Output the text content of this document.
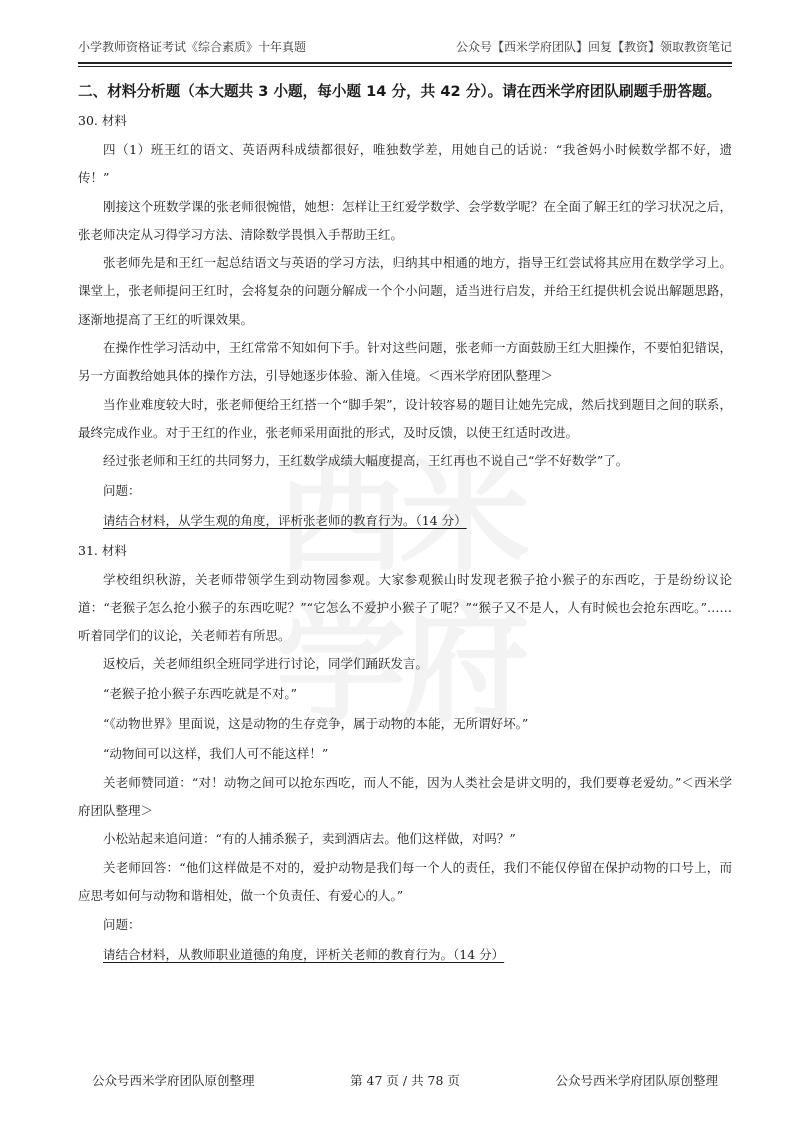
小学教师资格证考试《综合素质》十年真题	公众号【西米学府团队】回复【教资】领取教资笔记
二、材料分析题（本大题共 3 小题，每小题 14 分，共 42 分）。请在西米学府团队刷题手册答题。
30. 材料

四（1）班王红的语文、英语两科成绩都很好，唯独数学差，用她自己的话说：“我爸妈小时候数学都不好，遗传！”

刚接这个班数学课的张老师很惋惜，她想：怎样让王红爱学数学、会学数学呢？在全面了解王红的学习状况之后，张老师决定从习得学习方法、清除数学畏惧入手帮助王红。

张老师先是和王红一起总结语文与英语的学习方法，归纳其中相通的地方，指导王红尝试将其应用在数学学习上。课堂上，张老师提问王红时，会将复杂的问题分解成一个个小问题，适当进行启发，并给王红提供机会说出解题思路，逐渐地提高了王红的听课效果。

在操作性学习活动中，王红常常不知如何下手。针对这些问题，张老师一方面鼓励王红大胆操作，不要怕犯错误，另一方面教给她具体的操作方法，引导她逐步体验、渐入佳境。＜西米学府团队整理＞

当作业难度较大时，张老师便给王红搭一个“脚手架”，设计较容易的题目让她先完成，然后找到题目之间的联系，最终完成作业。对于王红的作业，张老师采用面批的形式，及时反馈，以使王红适时改进。

经过张老师和王红的共同努力，王红数学成绩大幅度提高，王红再也不说自己“学不好数学”了。

问题：
请结合材料，从学生观的角度，评析张老师的教育行为。（14 分）
31. 材料

学校组织秋游，关老师带领学生到动物园参观。大家参观猴山时发现老猴子抢小猴子的东西吃，于是纷纷议论道：“老猴子怎么抢小猴子的东西吃呢？”“它怎么不爱护小猴子了呢？”“猴子又不是人，人有时候也会抢东西吃。”…… 听着同学们的议论，关老师若有所思。

返校后，关老师组织全班同学进行讨论，同学们踊跃发言。

“老猴子抢小猴子东西吃就是不对。”

“《动物世界》里面说，这是动物的生存竞争，属于动物的本能，无所谓好坏。”

“动物间可以这样，我们人可不能这样！”

关老师赞同道：“对！动物之间可以抢东西吃，而人不能，因为人类社会是讲文明的，我们要尊老爱幼。”＜西米学府团队整理＞

小松站起来追问道：“有的人捕杀猴子，卖到酒店去。他们这样做，对吗？”

关老师回答：“他们这样做是不对的，爱护动物是我们每一个人的责任，我们不能仅停留在保护动物的口号上，而应思考如何与动物和谐相处，做一个负责任、有爱心的人。”

问题：
请结合材料，从教师职业道德的角度，评析关老师的教育行为。（14 分）
公众号西米学府团队原创整理	第 47 页 / 共 78 页	公众号西米学府团队原创整理
